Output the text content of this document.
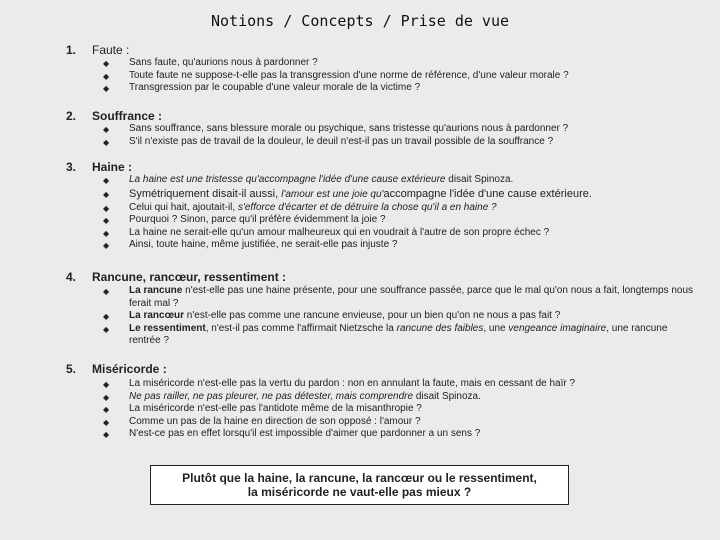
Notions / Concepts / Prise de vue
1. Faute :
◆ Sans faute, qu'aurions nous à pardonner ?
◆ Toute faute ne suppose-t-elle pas la transgression d'une norme de référence, d'une valeur morale ?
◆ Transgression par le coupable d'une valeur morale de la victime ?
2. Souffrance :
◆ Sans souffrance, sans blessure morale ou psychique, sans tristesse qu'aurions nous à pardonner ?
◆ S'il n'existe pas de travail de la douleur, le deuil n'est-il pas un travail possible de la souffrance ?
3. Haine :
◆ La haine est une tristesse qu'accompagne l'idée d'une cause extérieure disait Spinoza.
◆ Symétriquement disait-il aussi, l'amour est une joie qu'accompagne l'idée d'une cause extérieure.
◆ Celui qui hait, ajoutait-il, s'efforce d'écarter et de détruire la chose qu'il a en haine ?
◆ Pourquoi ? Sinon, parce qu'il préfère évidemment la joie ?
◆ La haine ne serait-elle qu'un amour malheureux qui en voudrait à l'autre de son propre échec ?
◆ Ainsi, toute haine, même justifiée, ne serait-elle pas injuste ?
4. Rancune, rancœur, ressentiment :
◆ La rancune n'est-elle pas une haine présente, pour une souffrance passée, parce que le mal qu'on nous a fait, longtemps nous ferait mal ?
◆ La rancœur n'est-elle pas comme une rancune envieuse, pour un bien qu'on ne nous a pas fait ?
◆ Le ressentiment, n'est-il pas comme l'affirmait Nietzsche la rancune des faibles, une vengeance imaginaire, une rancune rentrée ?
5. Miséricorde :
◆ La miséricorde n'est-elle pas la vertu du pardon : non en annulant la faute, mais en cessant de haïr ?
◆ Ne pas railler, ne pas pleurer, ne pas détester, mais comprendre disait Spinoza.
◆ La miséricorde n'est-elle pas l'antidote même de la misanthropie ?
◆ Comme un pas de la haine en direction de son opposé : l'amour ?
◆ N'est-ce pas en effet lorsqu'il est impossible d'aimer que pardonner a un sens ?
Plutôt que la haine, la rancune, la rancœur ou le ressentiment,
la miséricorde ne vaut-elle pas mieux ?
